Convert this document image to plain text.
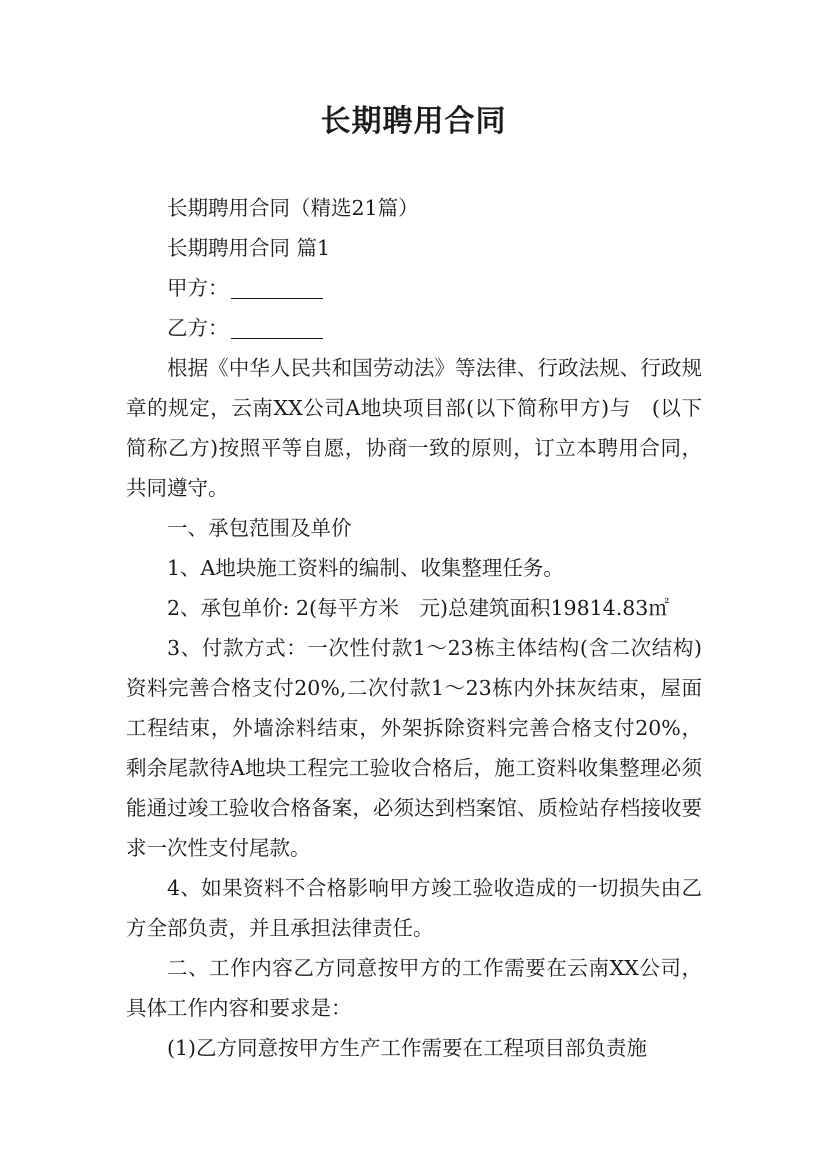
长期聘用合同

长期聘用合同（精选21篇）

长期聘用合同 篇1

甲方：

乙方：

根据《中华人民共和国劳动法》等法律、行政法规、行政规章的规定，云南XX公司A地块项目部(以下简称甲方)与　(以下简称乙方)按照平等自愿，协商一致的原则，订立本聘用合同，共同遵守。

一、承包范围及单价

1、A地块施工资料的编制、收集整理任务。

2、承包单价: 2(每平方米　元)总建筑面积19814.83㎡

3、付款方式：一次性付款1～23栋主体结构(含二次结构)资料完善合格支付20%,二次付款1～23栋内外抹灰结束，屋面工程结束，外墙涂料结束，外架拆除资料完善合格支付20%，剩余尾款待A地块工程完工验收合格后，施工资料收集整理必须能通过竣工验收合格备案，必须达到档案馆、质检站存档接收要求一次性支付尾款。

4、如果资料不合格影响甲方竣工验收造成的一切损失由乙方全部负责，并且承担法律责任。

二、工作内容乙方同意按甲方的工作需要在云南XX公司，具体工作内容和要求是：

(1)乙方同意按甲方生产工作需要在工程项目部负责施
